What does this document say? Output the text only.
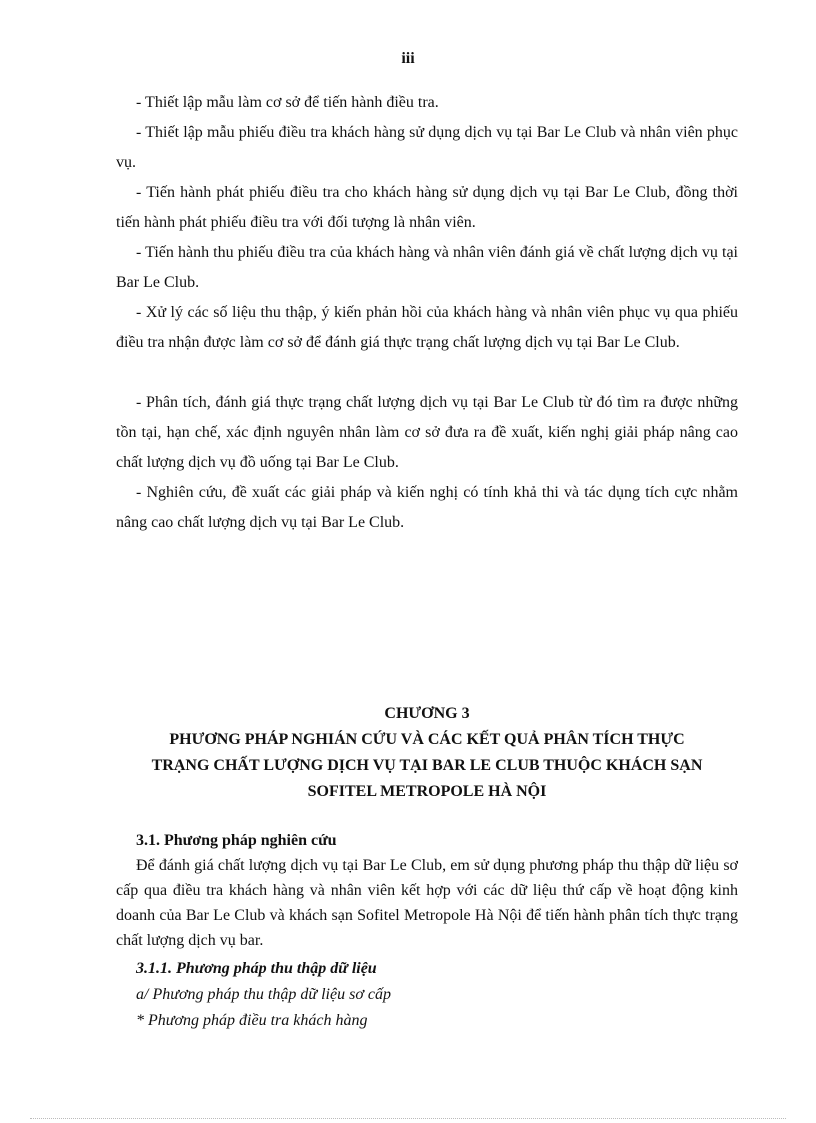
iii

- Thiết lập mẫu làm cơ sở để tiến hành điều tra.

- Thiết lập mẫu phiếu điều tra khách hàng sử dụng dịch vụ tại Bar Le Club và nhân viên phục vụ.

- Tiến hành phát phiếu điều tra cho khách hàng sử dụng dịch vụ tại Bar Le Club, đồng thời tiến hành phát phiếu điều tra với đối tượng là nhân viên.

- Tiến hành thu phiếu điều tra của khách hàng và nhân viên đánh giá về chất lượng dịch vụ tại Bar Le Club.

- Xử lý các số liệu thu thập, ý kiến phản hồi của khách hàng và nhân viên phục vụ qua phiếu điều tra nhận được làm cơ sở để đánh giá thực trạng chất lượng dịch vụ tại Bar Le Club.

- Phân tích, đánh giá thực trạng chất lượng dịch vụ tại Bar Le Club từ đó tìm ra được những tồn tại, hạn chế, xác định nguyên nhân làm cơ sở đưa ra đề xuất, kiến nghị giải pháp nâng cao chất lượng dịch vụ đồ uống tại Bar Le Club.

- Nghiên cứu, đề xuất các giải pháp và kiến nghị có tính khả thi và tác dụng tích cực nhằm nâng cao chất lượng dịch vụ tại Bar Le Club.

CHƯƠNG 3

PHƯƠNG PHÁP NGHIÁN CỨU VÀ CÁC KẾT QUẢ PHÂN TÍCH THỰC

TRẠNG CHẤT LƯỢNG DỊCH VỤ TẠI BAR LE CLUB THUỘC KHÁCH SẠN

SOFITEL METROPOLE HÀ NỘI

3.1. Phương pháp nghiên cứu

Để đánh giá chất lượng dịch vụ tại Bar Le Club, em sử dụng phương pháp thu thập dữ liệu sơ cấp qua điều tra khách hàng và nhân viên kết hợp với các dữ liệu thứ cấp về hoạt động kinh doanh của Bar Le Club và khách sạn Sofitel Metropole Hà Nội để tiến hành phân tích thực trạng chất lượng dịch vụ bar.

3.1.1. Phương pháp thu thập dữ liệu

a/ Phương pháp thu thập dữ liệu sơ cấp

* Phương pháp điều tra khách hàng
